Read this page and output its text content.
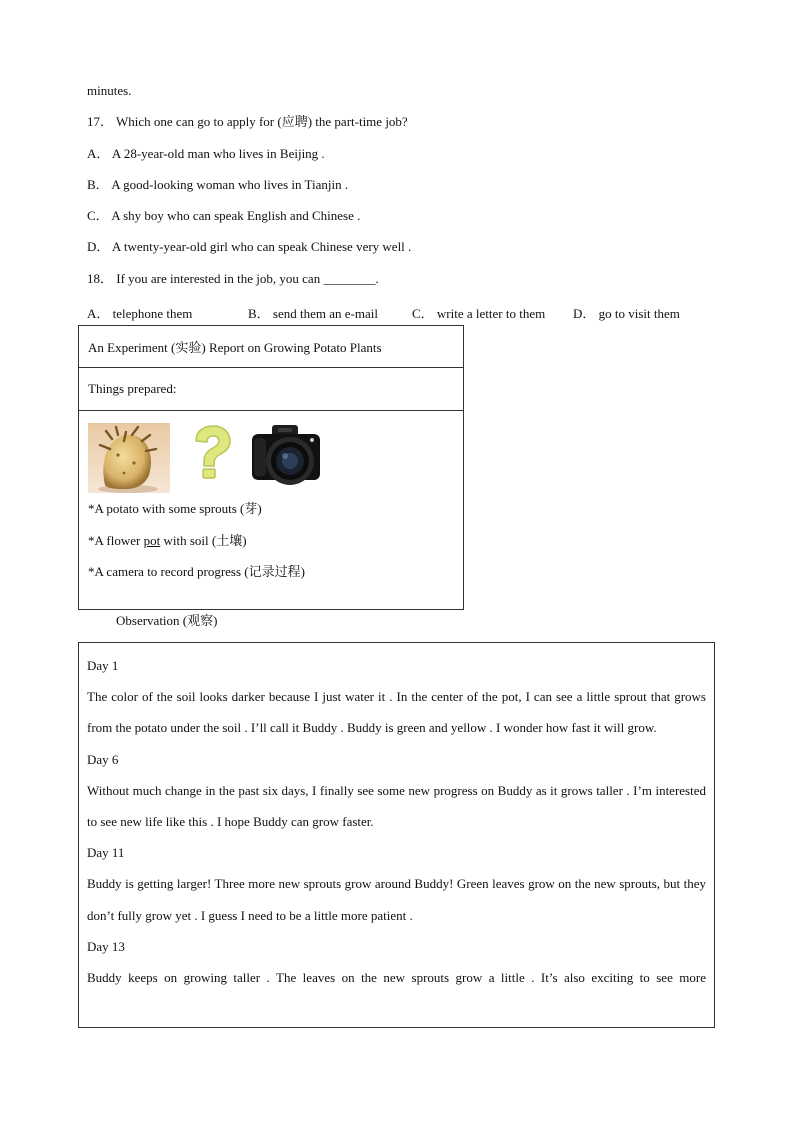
minutes.
17． Which one can go to apply for (应聘) the part-time job?
A． A 28-year-old man who lives in Beijing .
B． A good-looking woman who lives in Tianjin .
C． A shy boy who can speak English and Chinese .
D． A twenty-year-old girl who can speak Chinese very well .
18． If you are interested in the job, you can ________.
A． telephone them	B． send them an e-mail	C． write a letter to them D． go to visit them
An Experiment (实验) Report on Growing Potato Plants
Things prepared:

*A potato with some sprouts (芽)
*A flower pot with soil (土壤)
*A camera to record progress (记录过程)
Observation (观察)

Day 1

The color of the soil looks darker because I just water it . In the center of the pot, I can see a little sprout that grows from the potato under the soil . I’ll call it Buddy . Buddy is green and yellow . I wonder how fast it will grow.

Day 6

Without much change in the past six days, I finally see some new progress on Buddy as it grows taller . I’m interested to see new life like this . I hope Buddy can grow faster.

Day 11

Buddy is getting larger! Three more new sprouts grow around Buddy! Green leaves grow on the new sprouts, but they don’t fully grow yet . I guess I need to be a little more patient .

Day 13

Buddy keeps on growing taller . The leaves on the new sprouts grow a little . It’s also exciting to see more
